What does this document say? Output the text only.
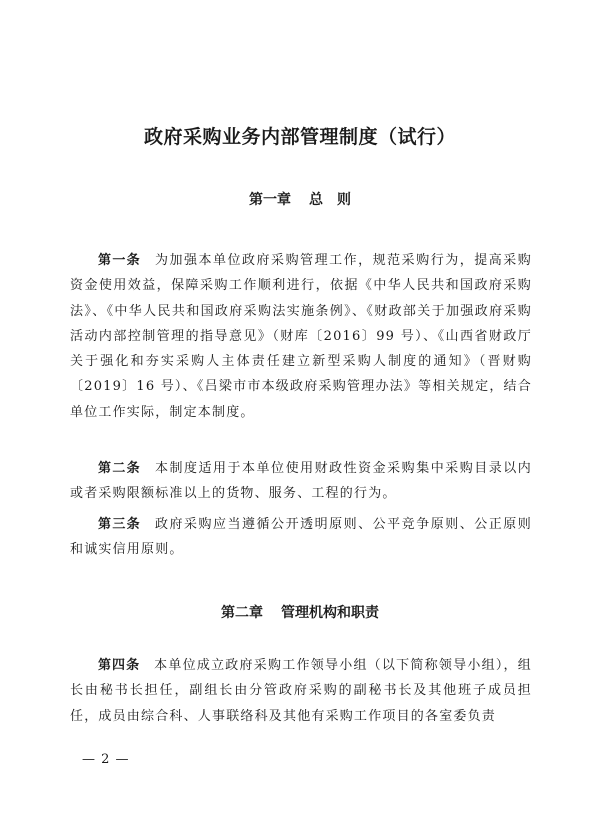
政府采购业务内部管理制度（试行）
第一章 总　则

第一条 为加强本单位政府采购管理工作，规范采购行为，提高采购资金使用效益，保障采购工作顺利进行，依据《中华人民共和国政府采购法》、《中华人民共和国政府采购法实施条例》、《财政部关于加强政府采购活动内部控制管理的指导意见》（财库〔2016〕99 号）、《山西省财政厅关于强化和夯实采购人主体责任建立新型采购人制度的通知》（晋财购〔2019〕16 号）、《吕梁市市本级政府采购管理办法》等相关规定，结合单位工作实际，制定本制度。

第二条 本制度适用于本单位使用财政性资金采购集中采购目录以内或者采购限额标准以上的货物、服务、工程的行为。

第三条 政府采购应当遵循公开透明原则、公平竞争原则、公正原则和诚实信用原则。

第二章 管理机构和职责

第四条 本单位成立政府采购工作领导小组（以下简称领导小组），组长由秘书长担任，副组长由分管政府采购的副秘书长及其他班子成员担任，成员由综合科、人事联络科及其他有采购工作项目的各室委负责

— 2 —
